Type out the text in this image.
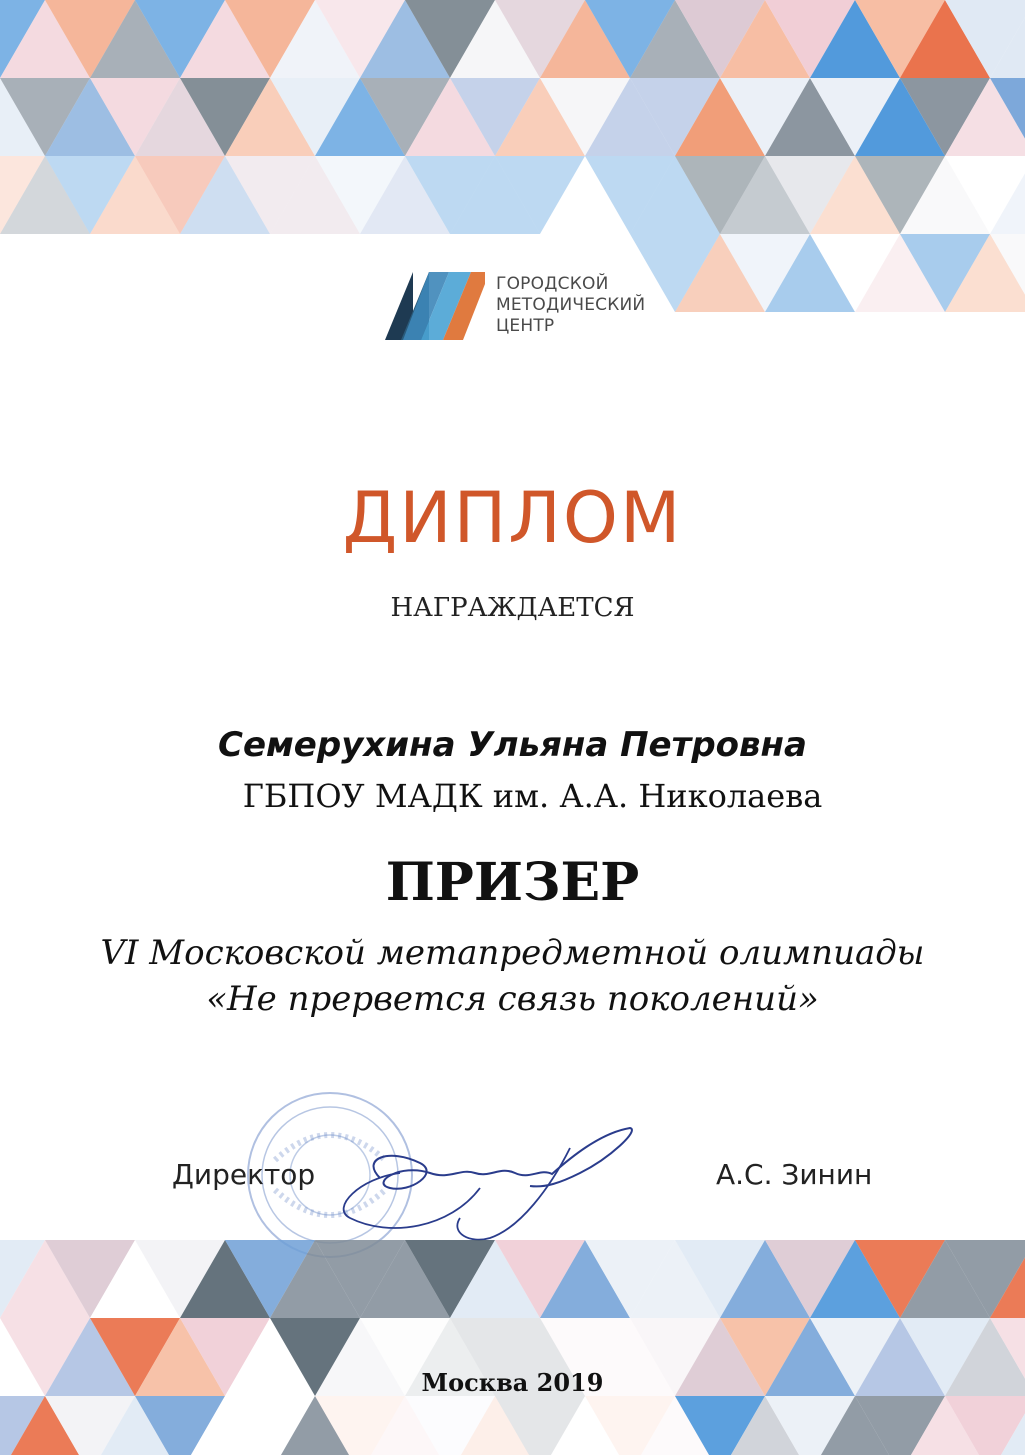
ГОРОДСКОЙ
МЕТОДИЧЕСКИЙ
ЦЕНТР
ДИПЛОМ
НАГРАЖДАЕТСЯ
Семерухина Ульяна Петровна
ГБПОУ МАДК им. А.А. Николаева
ПРИЗЕР
VI Московской метапредметной олимпиады
«Не прервется связь поколений»
Директор	А.С. Зинин
Москва 2019
